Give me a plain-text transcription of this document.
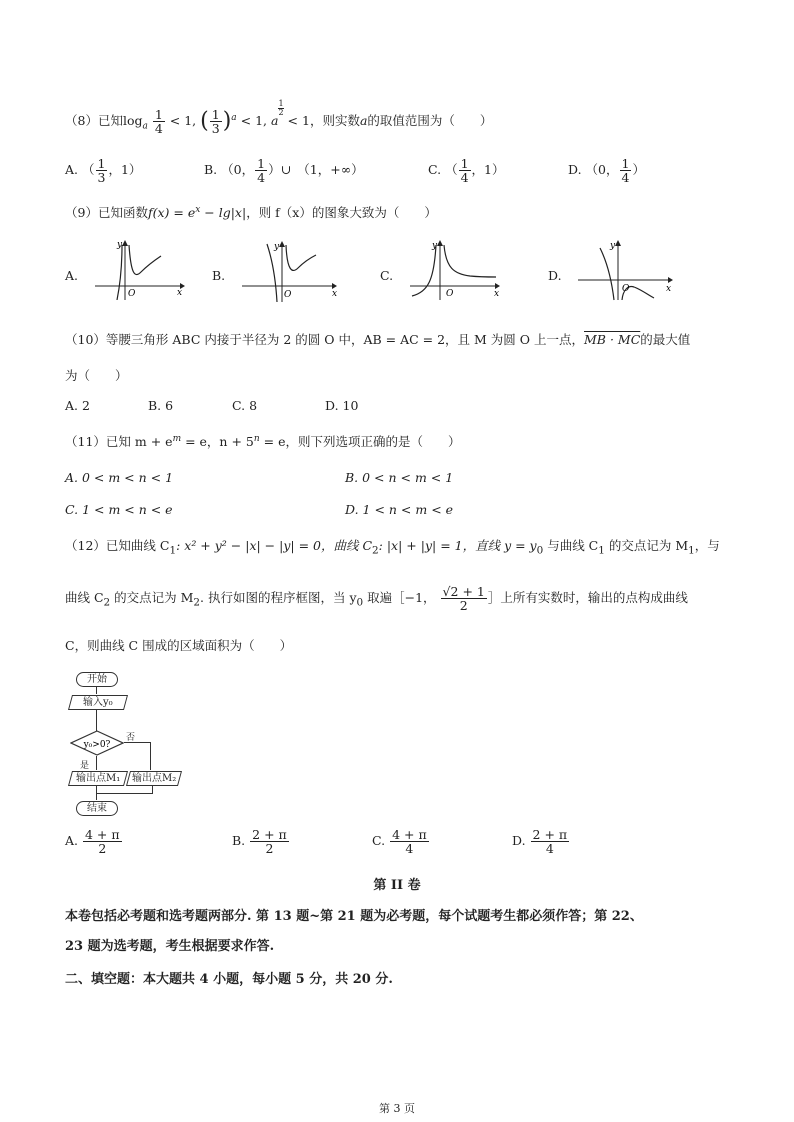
（8）已知$\log_a \frac{1}{4} < 1$, ( $\frac{1}{3} )^a < 1$, a
$^{\frac{1}{2}}$
< 1，则实数a的取值范围为（　　）
A. （ $\frac{1}{3}$ ，1）	B. （0， $\frac{1}{4}$ ）∪　（1，+∞）	C. （ $\frac{1}{4}$ ，1）	D. （0， $\frac{1}{4}$ ）
（9）已知函数$f(x) = e^x - \lg|x|$，则 f（x）的图象大致为（　　）
A.
y
O	x
B.
y
O	x
C.
y
O	x
D.
y
O	x
（10）等腰三角形 ABC 内接于半径为 2 的圆 O 中，AB = AC = 2，且 M 为圆 O 上一点，MB · MC的最大值
为（　　）
A. 2	B. 6	C. 8	D. 10
（11）已知 $m + e^m = e$，$n + 5^n = e$，则下列选项正确的是（　　）
A. 0 < m < n < 1	B. 0 < n < m < 1
C. 1 < m < n < e	D. 1 < n < m < e
（12）已知曲线 $C_1$: x² + y² − |x| − |y| = 0，曲线 $C_2$: |x| + |y| = 1，直线 $y = y_0$ 与曲线 $C_1$ 的交点记为 $M_1$，与
曲线 $C_2$ 的交点记为 $M_2$. 执行如图的程序框图，当 $y_0$ 取遍［−1， $\frac{√2 + 1}{2}$ ］上所有实数时，输出的点构成曲线
C，则曲线 C 围成的区域面积为（　　）
开始
输入y₀
y₀>0?
否
是
输出点M₁	输出点M₂
结束
A. $\frac{4 + \pi}{2}$	B. $\frac{2 + \pi}{2}$	C. $\frac{4 + \pi}{4}$	D. $\frac{2 + \pi}{4}$
第 II 卷
本卷包括必考题和选考题两部分. 第 13 题~第 21 题为必考题，每个试题考生都必须作答；第 22、
23 题为选考题，考生根据要求作答.
二、填空题：本大题共 4 小题，每小题 5 分，共 20 分.
第 3 页
